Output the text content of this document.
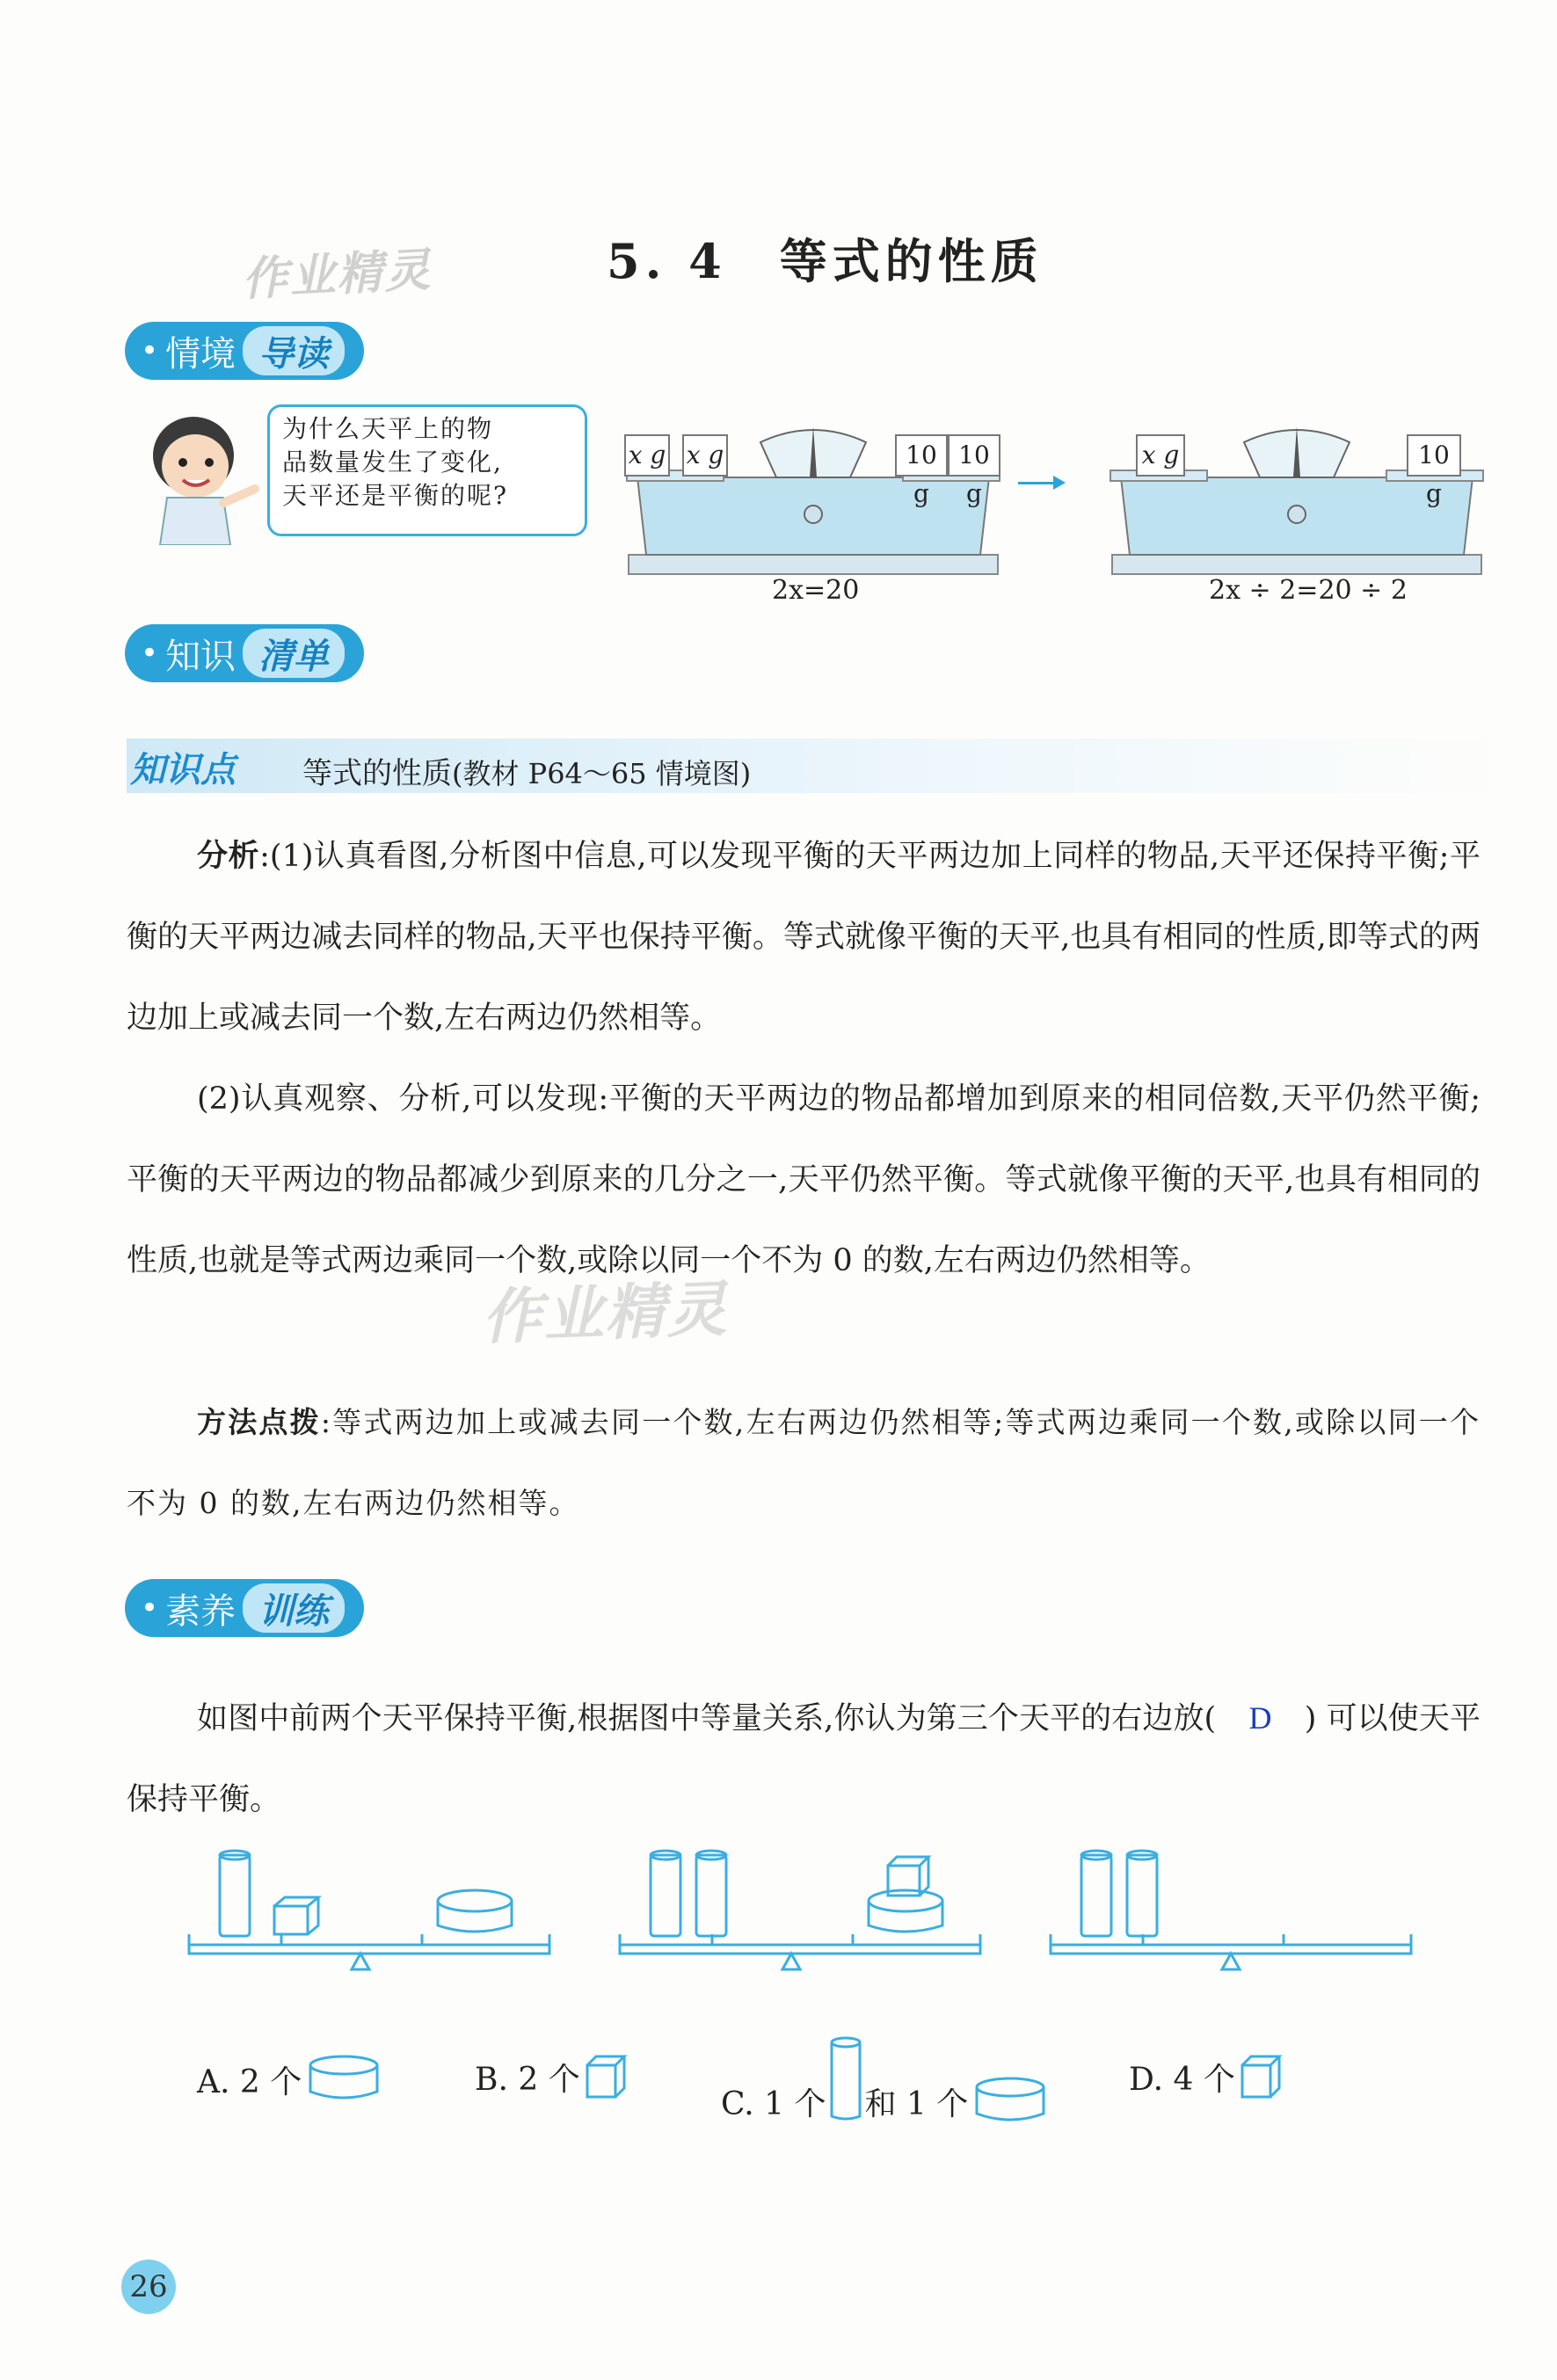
作业精灵
作业精灵
5. 4 等式的性质
• 情境 导读
为什么天平上的物
品数量发生了变化,
天平还是平衡的呢?
x g x g	10 g
10 g
2x=20
x g	10 g
2x ÷ 2=20 ÷ 2
• 知识 清单
知识点 等式的性质(教材 P64～65 情境图)
分析:(1)认真看图,分析图中信息,可以发现平衡的天平两边加上同样的物品,天平还保持平衡;平衡的天平两边减去同样的物品,天平也保持平衡。等式就像平衡的天平,也具有相同的性质,即等式的两边加上或减去同一个数,左右两边仍然相等。
(2)认真观察、分析,可以发现:平衡的天平两边的物品都增加到原来的相同倍数,天平仍然平衡;平衡的天平两边的物品都减少到原来的几分之一,天平仍然平衡。等式就像平衡的天平,也具有相同的性质,也就是等式两边乘同一个数,或除以同一个不为 0 的数,左右两边仍然相等。
方法点拨:等式两边加上或减去同一个数,左右两边仍然相等;等式两边乘同一个数,或除以同一个不为 0 的数,左右两边仍然相等。
• 素养 训练
如图中前两个天平保持平衡,根据图中等量关系,你认为第三个天平的右边放( D ) 可以使天平保持平衡。
A. 2 个	B. 2 个
C. 1 个 和 1 个
D. 4 个
26
